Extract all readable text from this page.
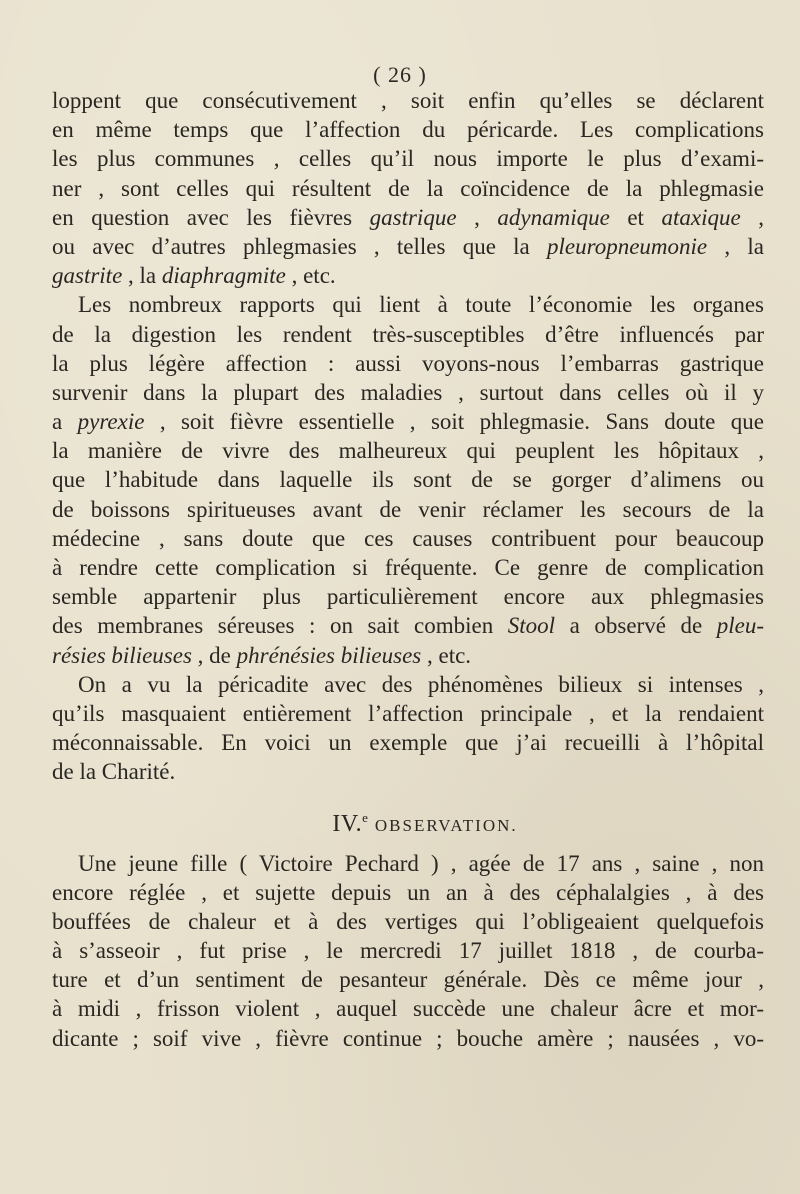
( 26 )
loppent que consécutivement , soit enfin qu’elles se déclarent
en même temps que l’affection du péricarde. Les complications
les plus communes , celles qu’il nous importe le plus d’exami-
ner , sont celles qui résultent de la coïncidence de la phlegmasie
en question avec les fièvres gastrique , adynamique et ataxique ,
ou avec d’autres phlegmasies , telles que la pleuropneumonie , la
gastrite , la diaphragmite , etc.
Les nombreux rapports qui lient à toute l’économie les organes
de la digestion les rendent très-susceptibles d’être influencés par
la plus légère affection : aussi voyons-nous l’embarras gastrique
survenir dans la plupart des maladies , surtout dans celles où il y
a pyrexie , soit fièvre essentielle , soit phlegmasie. Sans doute que
la manière de vivre des malheureux qui peuplent les hôpitaux ,
que l’habitude dans laquelle ils sont de se gorger d’alimens ou
de boissons spiritueuses avant de venir réclamer les secours de la
médecine , sans doute que ces causes contribuent pour beaucoup
à rendre cette complication si fréquente. Ce genre de complication
semble appartenir plus particulièrement encore aux phlegmasies
des membranes séreuses : on sait combien Stool a observé de pleu-
résies bilieuses , de phrénésies bilieuses , etc.
On a vu la péricadite avec des phénomènes bilieux si intenses ,
qu’ils masquaient entièrement l’affection principale , et la rendaient
méconnaissable. En voici un exemple que j’ai recueilli à l’hôpital
de la Charité.
IV.$^e$ OBSERVATION.
Une jeune fille ( Victoire Pechard ) , agée de 17 ans , saine , non
encore réglée , et sujette depuis un an à des céphalalgies , à des
bouffées de chaleur et à des vertiges qui l’obligeaient quelquefois
à s’asseoir , fut prise , le mercredi 17 juillet 1818 , de courba-
ture et d’un sentiment de pesanteur générale. Dès ce même jour ,
à midi , frisson violent , auquel succède une chaleur âcre et mor-
dicante ; soif vive , fièvre continue ; bouche amère ; nausées , vo-
